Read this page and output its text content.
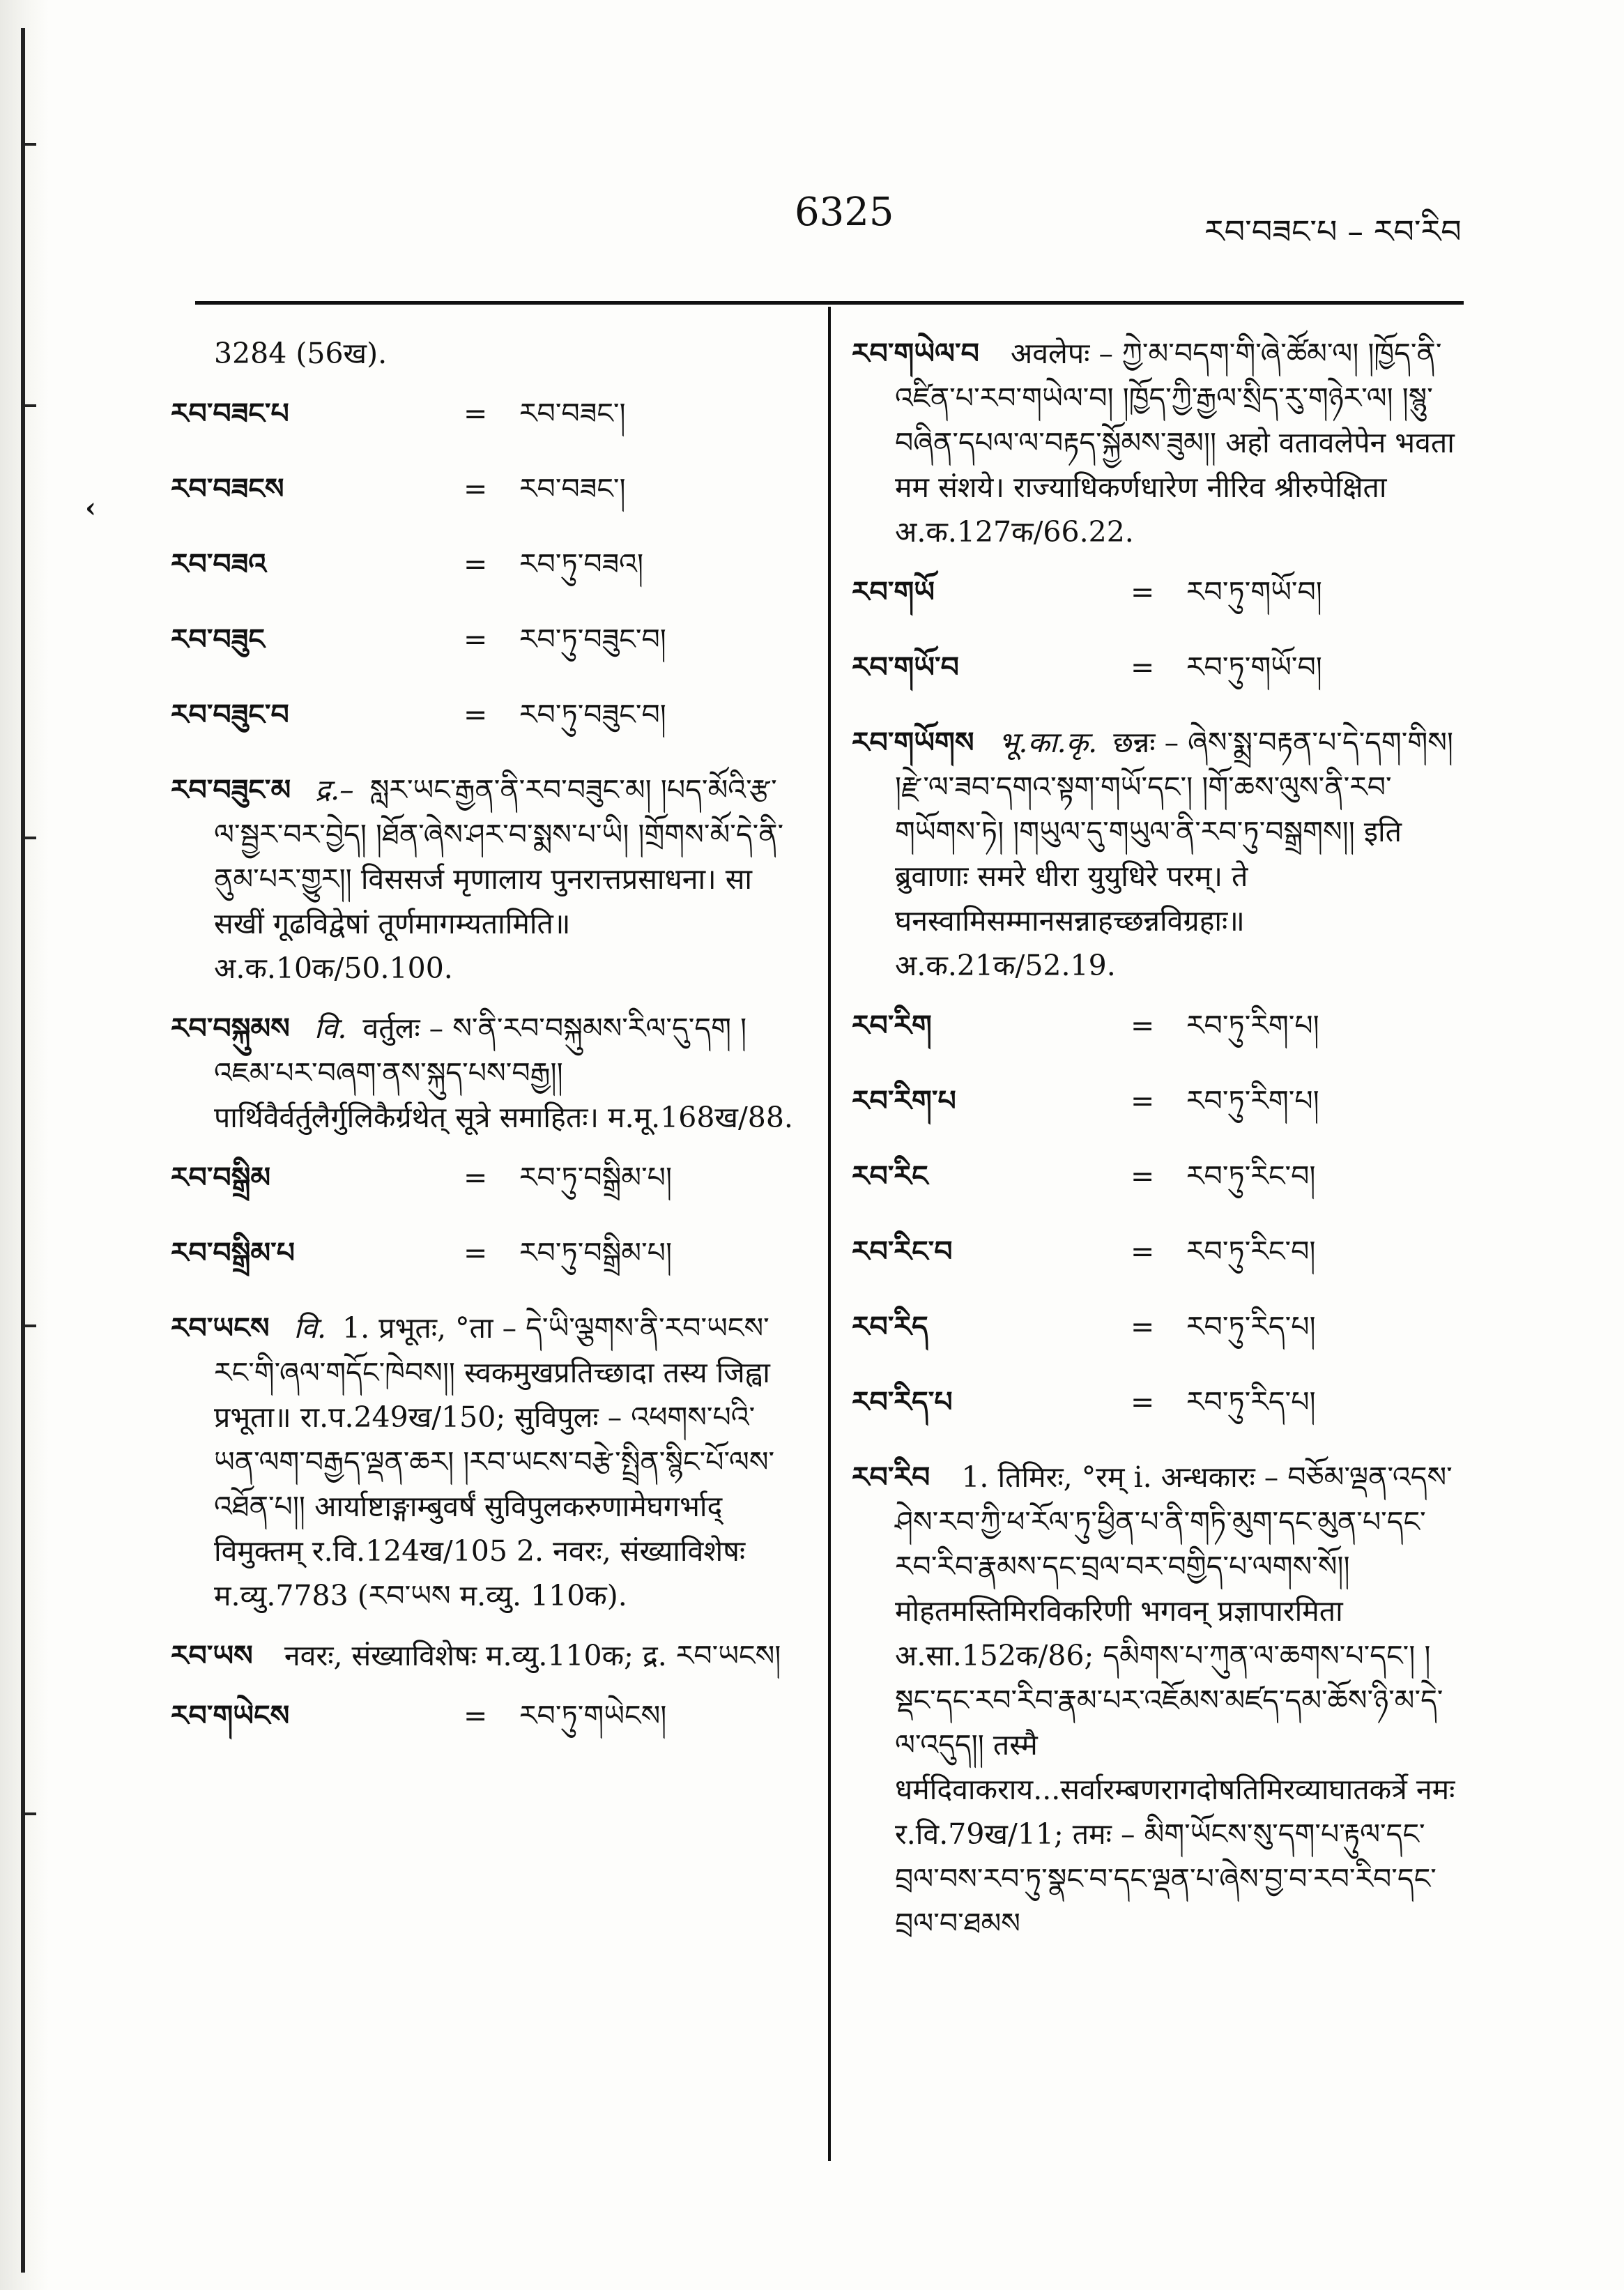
‹
6325	རབ་བཟང་པ – རབ་རིབ
3284 (56ख).
རབ་བཟང་པ	=	རབ་བཟང་།
རབ་བཟངས	=	རབ་བཟང་།
རབ་བཟའ	=	རབ་ཏུ་བཟའ།
རབ་བཟུང	=	རབ་ཏུ་བཟུང་བ།
རབ་བཟུང་བ	=	རབ་ཏུ་བཟུང་བ།
རབ་བཟུང་མ द्र.– སླར་ཡང་རྒྱན་ནི་རབ་བཟུང་མ། །པད་མོའི་རྩ་ལ་སྦྱར་བར་བྱེད། །ཐོན་ཞེས་ཤར་བ་སྨས་པ་ཡི། །གྲོགས་མོ་དེ་ནི་ནུམ་པར་གྱུར།། विससर्ज मृणालाय पुनरात्तप्रसाधना। सा सखीं गूढविद्वेषां तूर्णमागम्यतामिति॥ अ.क.10क/50.100.
རབ་བསྐུམས वि. वर्तुलः – ས་ནི་རབ་བསྐུམས་རིལ་དུ་དག །འཇམ་པར་བཞག་ནས་སྐུད་པས་བརྒྱ།། पार्थिवैर्वर्तुलैर्गुलिकैर्ग्रथेत् सूत्रे समाहितः। म.मू.168ख/88.
རབ་བསྒྲིམ	=	རབ་ཏུ་བསྒྲིམ་པ།
རབ་བསྒྲིམ་པ	=	རབ་ཏུ་བསྒྲིམ་པ།
རབ་ཡངས वि. 1. प्रभूतः, °ता – དེ་ཡི་ལྕགས་ནི་རབ་ཡངས་རང་གི་ཞལ་གདོང་ཁེབས།། स्वकमुखप्रतिच्छादा तस्य जिह्वा प्रभूता॥ रा.प.249ख/150; सुविपुलः – འཕགས་པའི་ཡན་ལག་བརྒྱད་ལྡན་ཆར། །རབ་ཡངས་བརྩེ་སྤྲིན་སྙིང་པོ་ལས་འཐོན་པ།། आर्याष्टाङ्गाम्बुवर्षं सुविपुलकरुणामेघगर्भाद् विमुक्तम् र.वि.124ख/105 2. नवरः, संख्याविशेषः म.व्यु.7783 (རབ་ཡས म.व्यु. 110क).
རབ་ཡས नवरः, संख्याविशेषः म.व्यु.110क; द्र. རབ་ཡངས།
རབ་གཡེངས	=	རབ་ཏུ་གཡེངས།
རབ་གཡེལ་བ अवलेपः – ཀྱེ་མ་བདག་གི་ཞེ་ཚོམ་ལ། །ཁྱོད་ནི་འཛིན་པ་རབ་གཡེལ་བ། །ཁྱོད་ཀྱི་རྒྱལ་སྲིད་རུ་གཉེར་ལ། །སྙུ་བཞིན་དཔལ་ལ་བརྟད་སྐྱོམས་ཟུམ།། अहो वतावलेपेन भवता मम संशये। राज्याधिकर्णधारेण नीरिव श्रीरुपेक्षिता अ.क.127क/66.22.
རབ་གཡོ	=	རབ་ཏུ་གཡོ་བ།
རབ་གཡོ་བ	=	རབ་ཏུ་གཡོ་བ།
རབ་གཡོགས भू.का.कृ. छन्नः – ཞེས་སྨྲ་བརྟན་པ་དེ་དག་གིས། །རྫེ་ལ་ཟབ་དགའ་སྟག་གཡོ་དང་། །གོ་ཆས་ལུས་ནི་རབ་གཡོགས་ཏེ། །གཡུལ་དུ་གཡུལ་ནི་རབ་ཏུ་བསྒྲགས།། इति ब्रुवाणाः समरे धीरा युयुधिरे परम्। ते घनस्वामिसम्मानसन्नाहच्छन्नविग्रहाः॥ अ.क.21क/52.19.
རབ་རིག	=	རབ་ཏུ་རིག་པ།
རབ་རིག་པ	=	རབ་ཏུ་རིག་པ།
རབ་རིང	=	རབ་ཏུ་རིང་བ།
རབ་རིང་བ	=	རབ་ཏུ་རིང་བ།
རབ་རིད	=	རབ་ཏུ་རིད་པ།
རབ་རིད་པ	=	རབ་ཏུ་རིད་པ།
རབ་རིབ 1. तिमिरः, °रम् i. अन्धकारः – བཅོམ་ལྡན་འདས་ཤེས་རབ་ཀྱི་ཕ་རོལ་ཏུ་ཕྱིན་པ་ནི་གཏི་མུག་དང་མུན་པ་དང་རབ་རིབ་རྣམས་དང་བྲལ་བར་བགྱིད་པ་ལགས་སོ།། मोहतमस्तिमिरविकरिणी भगवन् प्रज्ञापारमिता अ.सा.152क/86; དམིགས་པ་ཀུན་ལ་ཆགས་པ་དང་། །སྡང་དང་རབ་རིབ་རྣམ་པར་འཇོམས་མཛད་དམ་ཆོས་ཉི་མ་དེ་ལ་འདུད།། तस्मै धर्मदिवाकराय...सर्वारम्बणरागदोषतिमिरव्याघातकर्त्रे नमः र.वि.79ख/11; तमः – མིག་ཡོངས་སུ་དག་པ་རྟུལ་དང་བྲལ་བས་རབ་ཏུ་སྣང་བ་དང་ལྡན་པ་ཞེས་བྱ་བ་རབ་རིབ་དང་བྲལ་བ་ཐམས
